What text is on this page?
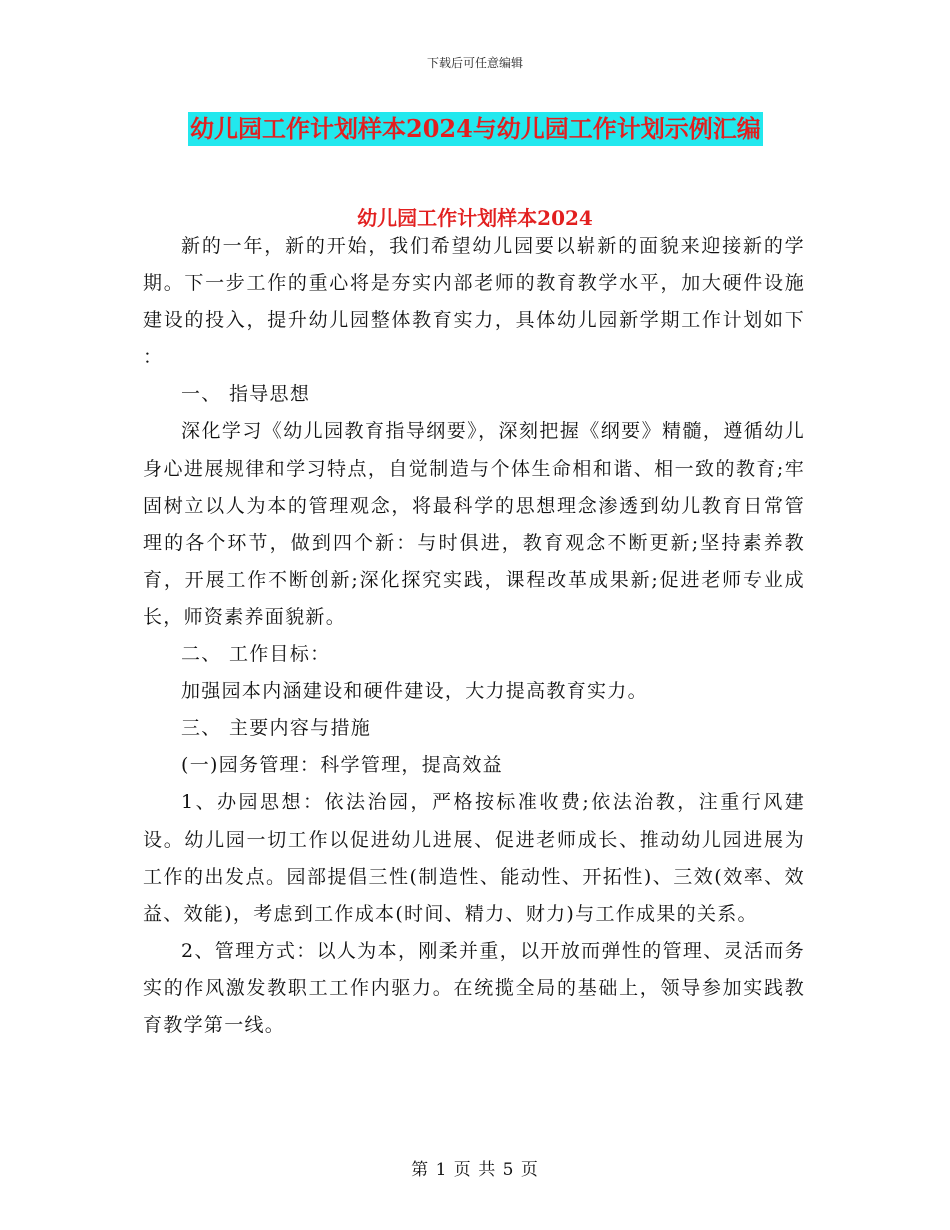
下载后可任意编辑
幼儿园工作计划样本2024与幼儿园工作计划示例汇编
幼儿园工作计划样本2024

新的一年，新的开始，我们希望幼儿园要以崭新的面貌来迎接新的学期。下一步工作的重心将是夯实内部老师的教育教学水平，加大硬件设施建设的投入，提升幼儿园整体教育实力，具体幼儿园新学期工作计划如下 ：

一、 指导思想

深化学习《幼儿园教育指导纲要》，深刻把握《纲要》精髓，遵循幼儿身心进展规律和学习特点，自觉制造与个体生命相和谐、相一致的教育;牢固树立以人为本的管理观念，将最科学的思想理念渗透到幼儿教育日常管理的各个环节，做到四个新：与时俱进，教育观念不断更新;坚持素养教育，开展工作不断创新;深化探究实践，课程改革成果新;促进老师专业成长，师资素养面貌新。

二、 工作目标：

加强园本内涵建设和硬件建设，大力提高教育实力。

三、 主要内容与措施

(一)园务管理：科学管理，提高效益

1、办园思想：依法治园，严格按标准收费;依法治教，注重行风建设。幼儿园一切工作以促进幼儿进展、促进老师成长、推动幼儿园进展为工作的出发点。园部提倡三性(制造性、能动性、开拓性)、三效(效率、效益、效能)，考虑到工作成本(时间、精力、财力)与工作成果的关系。

2、管理方式：以人为本，刚柔并重，以开放而弹性的管理、灵活而务实的作风激发教职工工作内驱力。在统揽全局的基础上，领导参加实践教育教学第一线。

第 1 页 共 5 页
